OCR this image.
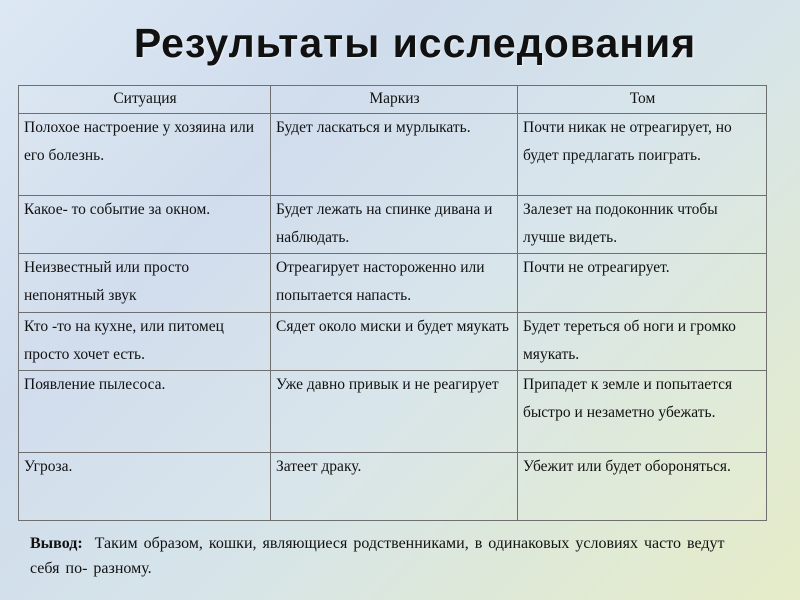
Результаты исследования
Ситуация	Маркиз	Том
Полохое настроение у хозяина или его болезнь.	Будет ласкаться и мурлыкать.	Почти никак не отреагирует, но будет предлагать поиграть.
Какое- то событие за окном.	Будет лежать на спинке дивана и наблюдать.	Залезет на подоконник чтобы лучше видеть.
Неизвестный или просто непонятный звук	Отреагирует настороженно или попытается напасть.	Почти не отреагирует.
Кто -то на кухне, или питомец просто хочет есть.	Сядет около миски и будет мяукать	Будет тереться об ноги и громко мяукать.
Появление пылесоса.	Уже давно привык и не реагирует	Припадет к земле и попытается быстро и незаметно убежать.
Угроза.	Затеет драку.	Убежит или будет обороняться.
Вывод: Таким образом, кошки, являющиеся родственниками, в одинаковых условиях часто ведут себя по- разному.
